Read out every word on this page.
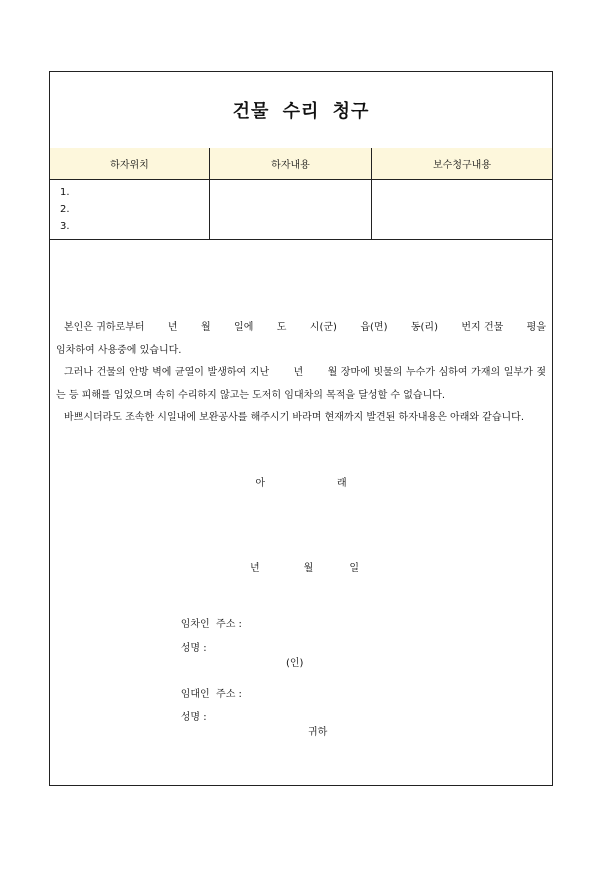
건물 수리 청구
하자위치	하자내용	보수청구내용

1.
2.
3.		

본인은 귀하로부터 　　년 　　월 　　일에 　　도 　　시(군) 　　읍(면) 　　동(리) 　　번지 건물 　　평을 임차하여 사용중에 있습니다.

그러나 건물의 안방 벽에 균열이 발생하여 지난 　　년 　　월 장마에 빗물의 누수가 심하여 가재의 일부가 젖는 등 피해를 입었으며 속히 수리하지 않고는 도저히 임대차의 목적을 달성할 수 없습니다.

바쁘시더라도 조속한 시일내에 보완공사를 해주시기 바라며 현재까지 발견된 하자내용은 아래와 같습니다.

아	래
년	월	일

임차인  주소 :

성명 :

(인)

임대인  주소 :

성명 :

귀하
